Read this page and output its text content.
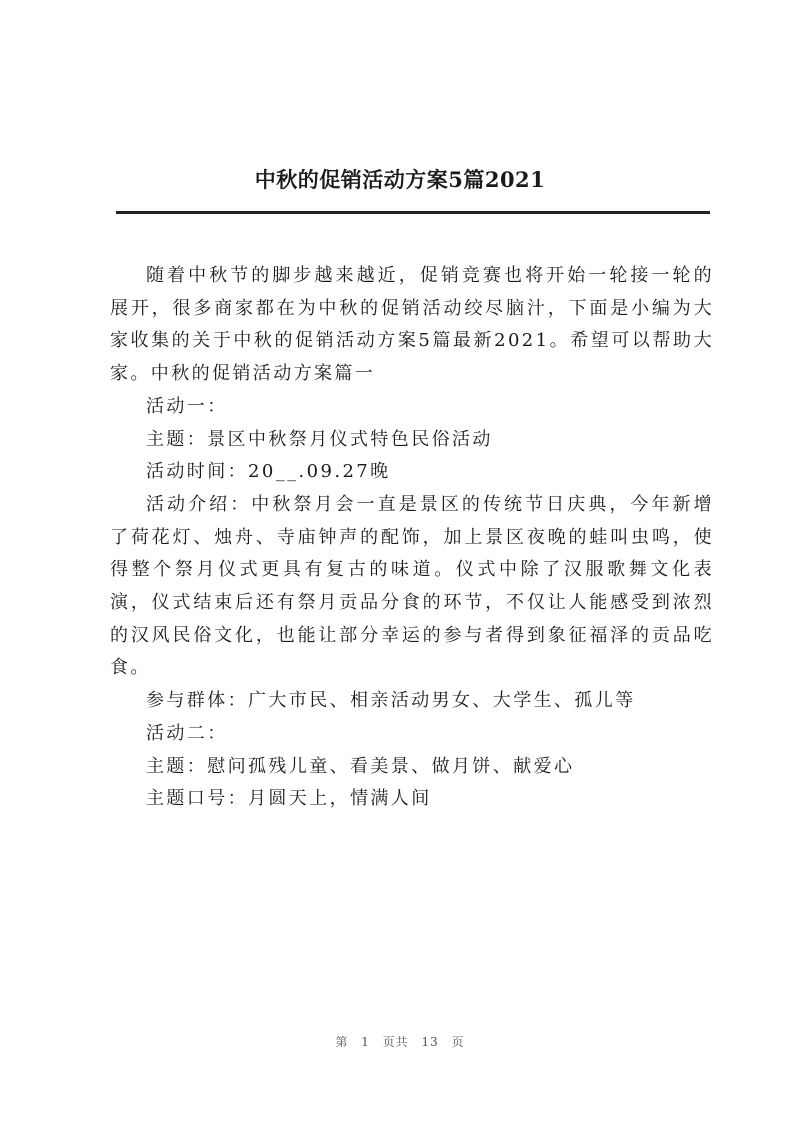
中秋的促销活动方案5篇2021

随着中秋节的脚步越来越近，促销竞赛也将开始一轮接一轮的展开，很多商家都在为中秋的促销活动绞尽脑汁，下面是小编为大家收集的关于中秋的促销活动方案5篇最新2021。希望可以帮助大家。中秋的促销活动方案篇一

活动一：

主题：景区中秋祭月仪式特色民俗活动

活动时间：20__.09.27晚

活动介绍：中秋祭月会一直是景区的传统节日庆典，今年新增了荷花灯、烛舟、寺庙钟声的配饰，加上景区夜晚的蛙叫虫鸣，使得整个祭月仪式更具有复古的味道。仪式中除了汉服歌舞文化表演，仪式结束后还有祭月贡品分食的环节，不仅让人能感受到浓烈的汉风民俗文化，也能让部分幸运的参与者得到象征福泽的贡品吃食。

参与群体：广大市民、相亲活动男女、大学生、孤儿等

活动二：

主题：慰问孤残儿童、看美景、做月饼、献爱心

主题口号：月圆天上，情满人间

第 1 页共 13 页
